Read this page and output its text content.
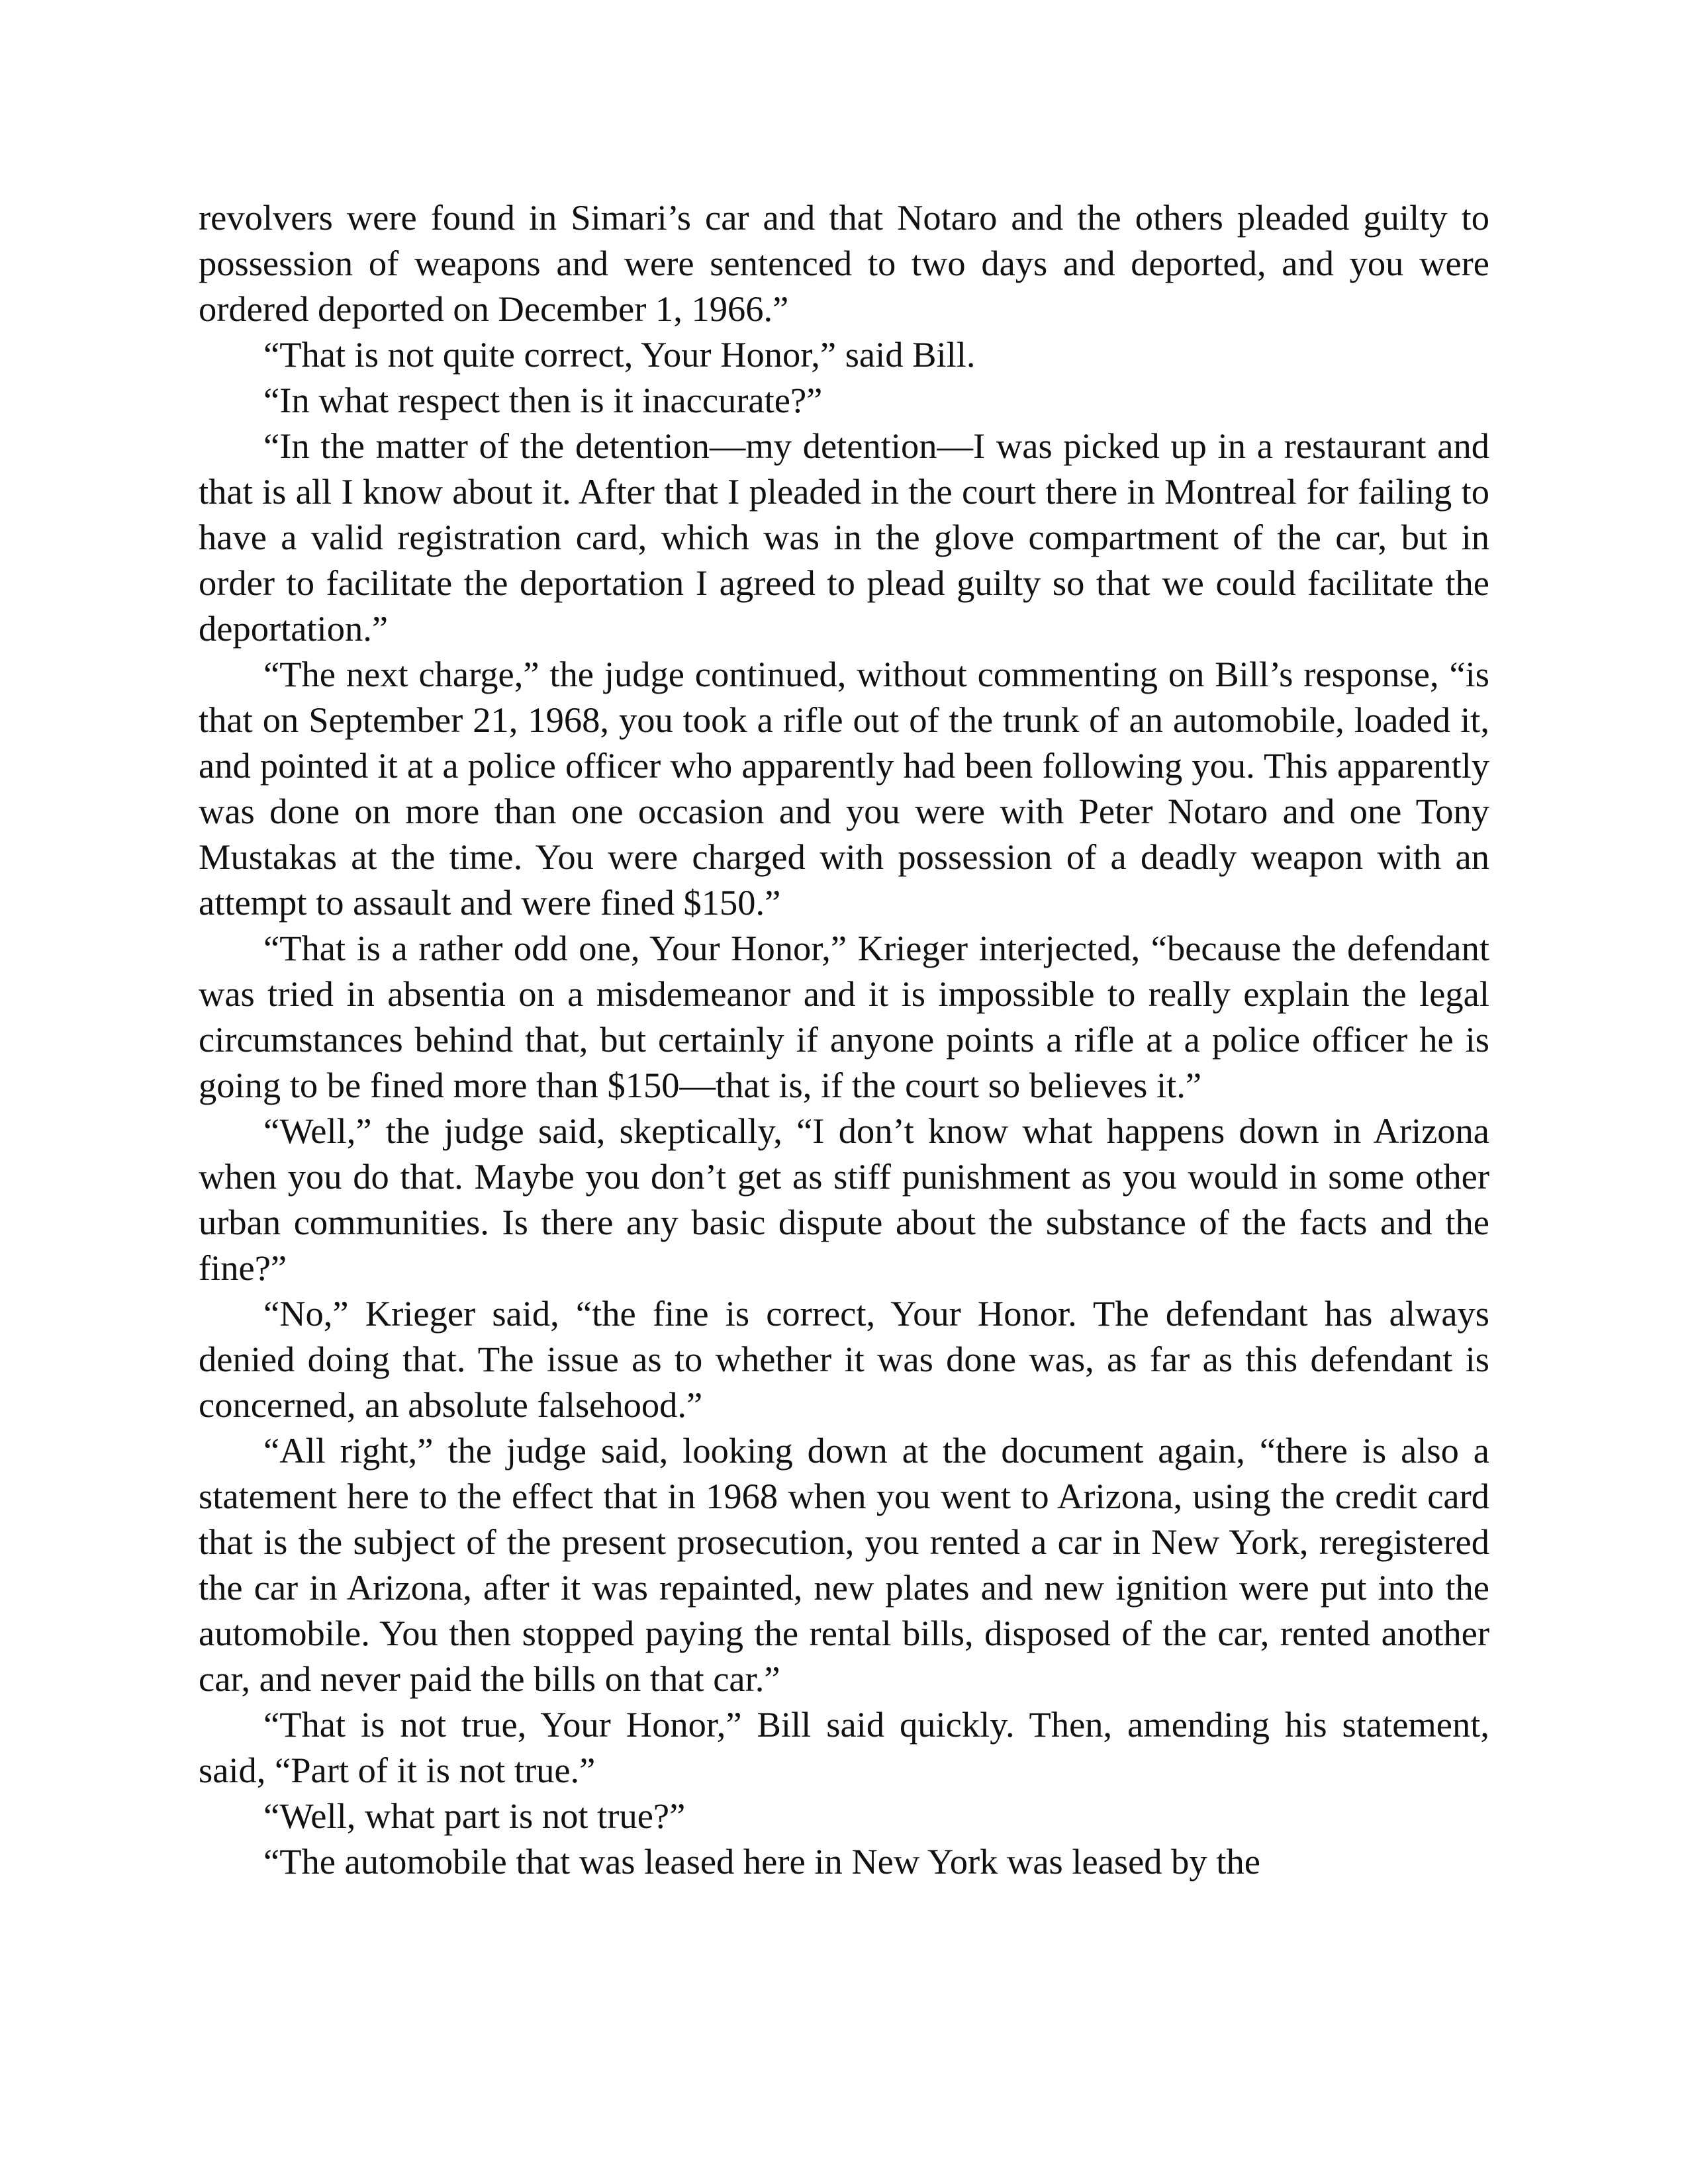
revolvers were found in Simari’s car and that Notaro and the others pleaded guilty to possession of weapons and were sentenced to two days and deported, and you were ordered deported on December 1, 1966.”

“That is not quite correct, Your Honor,” said Bill.

“In what respect then is it inaccurate?”

“In the matter of the detention—my detention—I was picked up in a restaurant and that is all I know about it. After that I pleaded in the court there in Montreal for failing to have a valid registration card, which was in the glove compartment of the car, but in order to facilitate the deportation I agreed to plead guilty so that we could facilitate the deportation.”

“The next charge,” the judge continued, without commenting on Bill’s response, “is that on September 21, 1968, you took a rifle out of the trunk of an automobile, loaded it, and pointed it at a police officer who apparently had been following you. This apparently was done on more than one occasion and you were with Peter Notaro and one Tony Mustakas at the time. You were charged with possession of a deadly weapon with an attempt to assault and were fined $150.”

“That is a rather odd one, Your Honor,” Krieger interjected, “because the defendant was tried in absentia on a misdemeanor and it is impossible to really explain the legal circumstances behind that, but certainly if anyone points a rifle at a police officer he is going to be fined more than $150—that is, if the court so believes it.”

“Well,” the judge said, skeptically, “I don’t know what happens down in Arizona when you do that. Maybe you don’t get as stiff punishment as you would in some other urban communities. Is there any basic dispute about the substance of the facts and the fine?”

“No,” Krieger said, “the fine is correct, Your Honor. The defendant has always denied doing that. The issue as to whether it was done was, as far as this defendant is concerned, an absolute falsehood.”

“All right,” the judge said, looking down at the document again, “there is also a statement here to the effect that in 1968 when you went to Arizona, using the credit card that is the subject of the present prosecution, you rented a car in New York, reregistered the car in Arizona, after it was repainted, new plates and new ignition were put into the automobile. You then stopped paying the rental bills, disposed of the car, rented another car, and never paid the bills on that car.”

“That is not true, Your Honor,” Bill said quickly. Then, amending his statement, said, “Part of it is not true.”

“Well, what part is not true?”

“The automobile that was leased here in New York was leased by the
